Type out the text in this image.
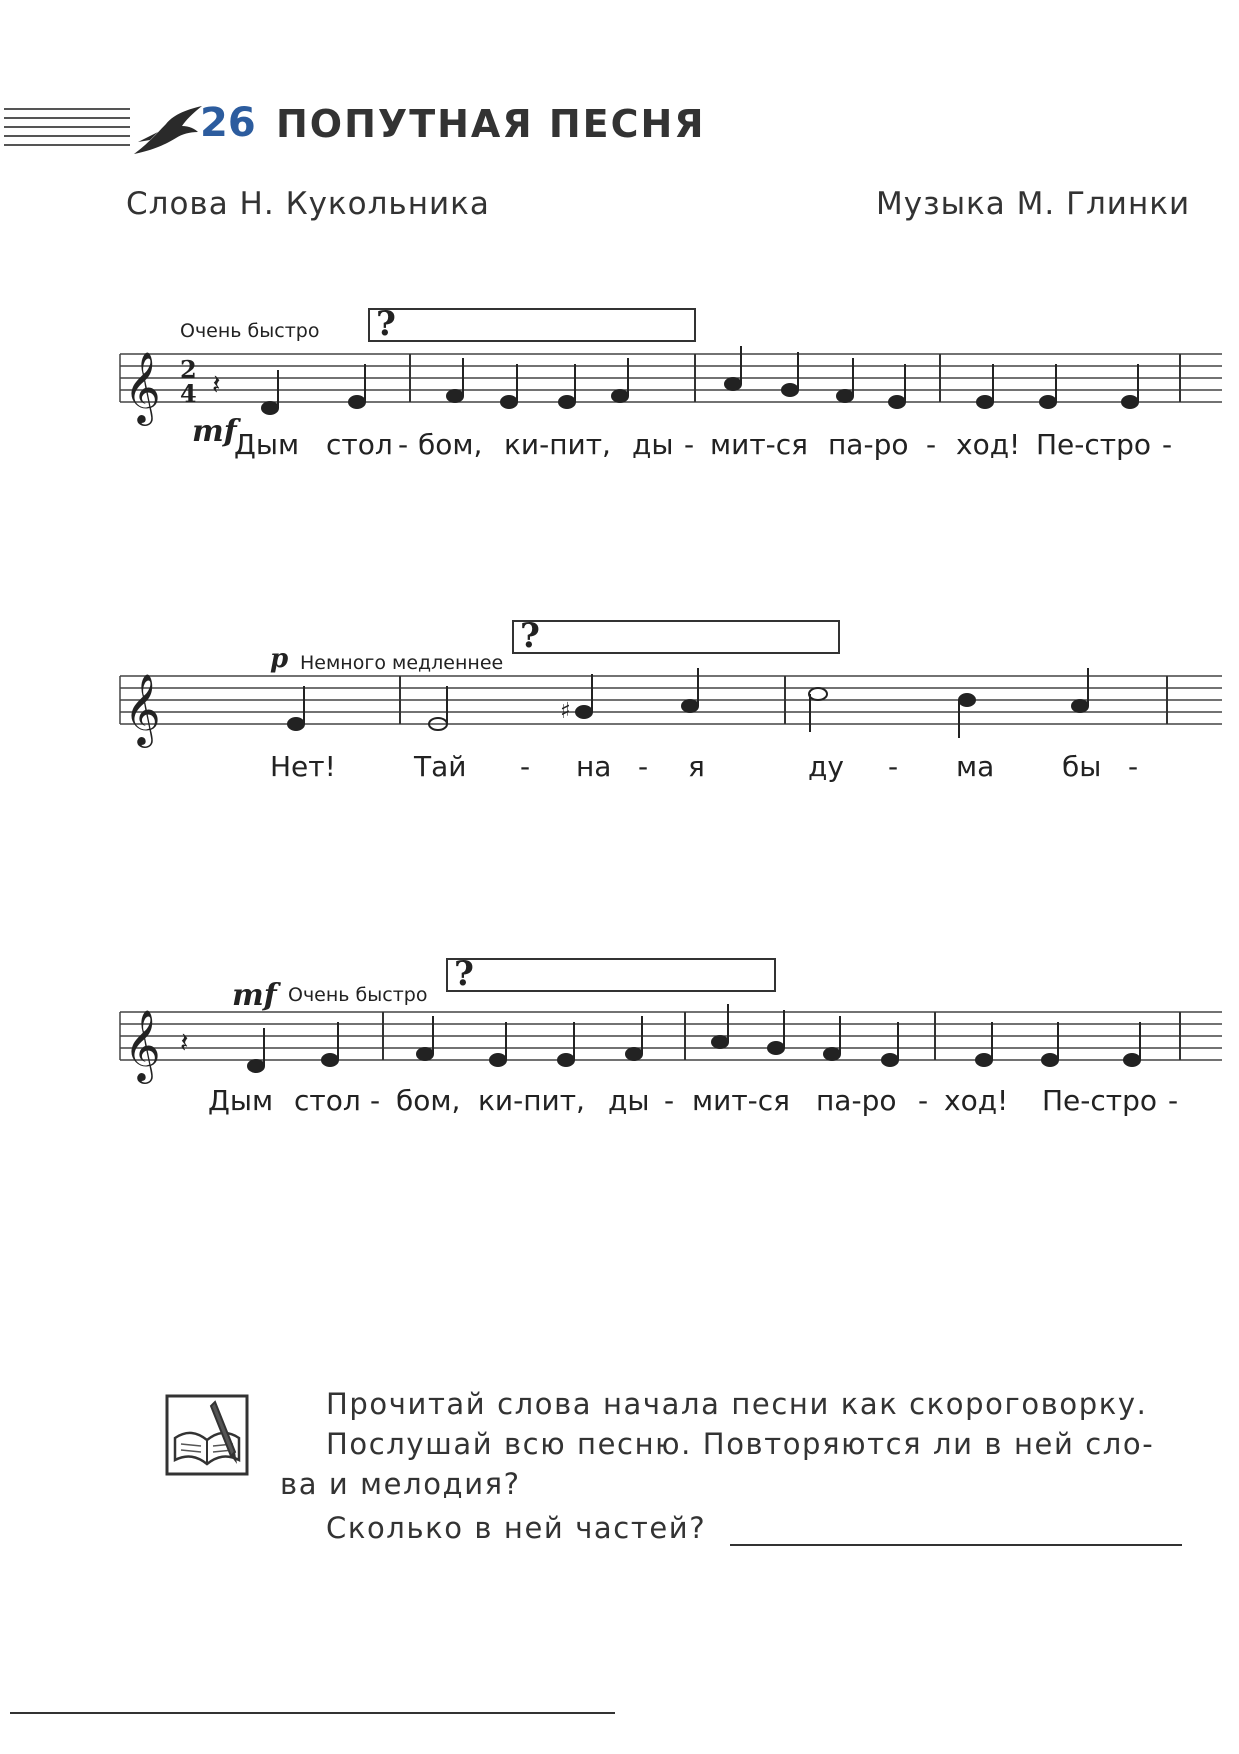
26 ПОПУТНАЯ ПЕСНЯ
Слова Н. Кукольника	Музыка М. Глинки
Очень быстро ?
𝄞 2
4 𝄽
mf
Дым стол - бом, ки-пит, ды - мит-ся па-ро - ход! Пе-стро -
p Немного медленнее
?
𝄞	♯
Нет!	Тай - на - я	ду - ма бы -
mf Очень быстро
?
𝄞 𝄽
Дым стол - бом, ки-пит, ды - мит-ся па-ро - ход! Пе-стро -
Прочитай слова начала песни как скороговорку.
Послушай всю песню. Повторяются ли в ней сло-
ва и мелодия?
Сколько в ней частей?
